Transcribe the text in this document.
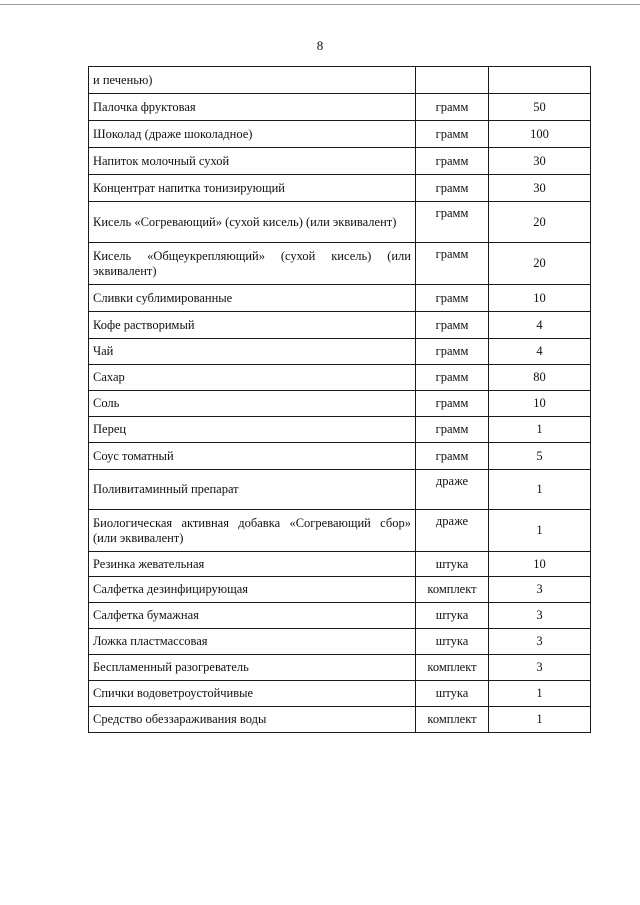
8
и печенью)		
Палочка фруктовая	грамм	50
Шоколад (драже шоколадное)	грамм	100
Напиток молочный сухой	грамм	30
Концентрат напитка тонизирующий	грамм	30
Кисель «Согревающий» (сухой кисель) (или эквивалент)	грамм	20
Кисель «Общеукрепляющий» (сухой кисель) (или эквивалент)	грамм	20
Сливки сублимированные	грамм	10
Кофе растворимый	грамм	4
Чай	грамм	4
Сахар	грамм	80
Соль	грамм	10
Перец	грамм	1
Соус томатный	грамм	5
Поливитаминный препарат	драже	1
Биологическая активная добавка «Согревающий сбор» (или эквивалент)	драже	1
Резинка жевательная	штука	10
Салфетка дезинфицирующая	комплект	3
Салфетка бумажная	штука	3
Ложка пластмассовая	штука	3
Беспламенный разогреватель	комплект	3
Спички водоветроустойчивые	штука	1
Средство обеззараживания воды	комплект	1
